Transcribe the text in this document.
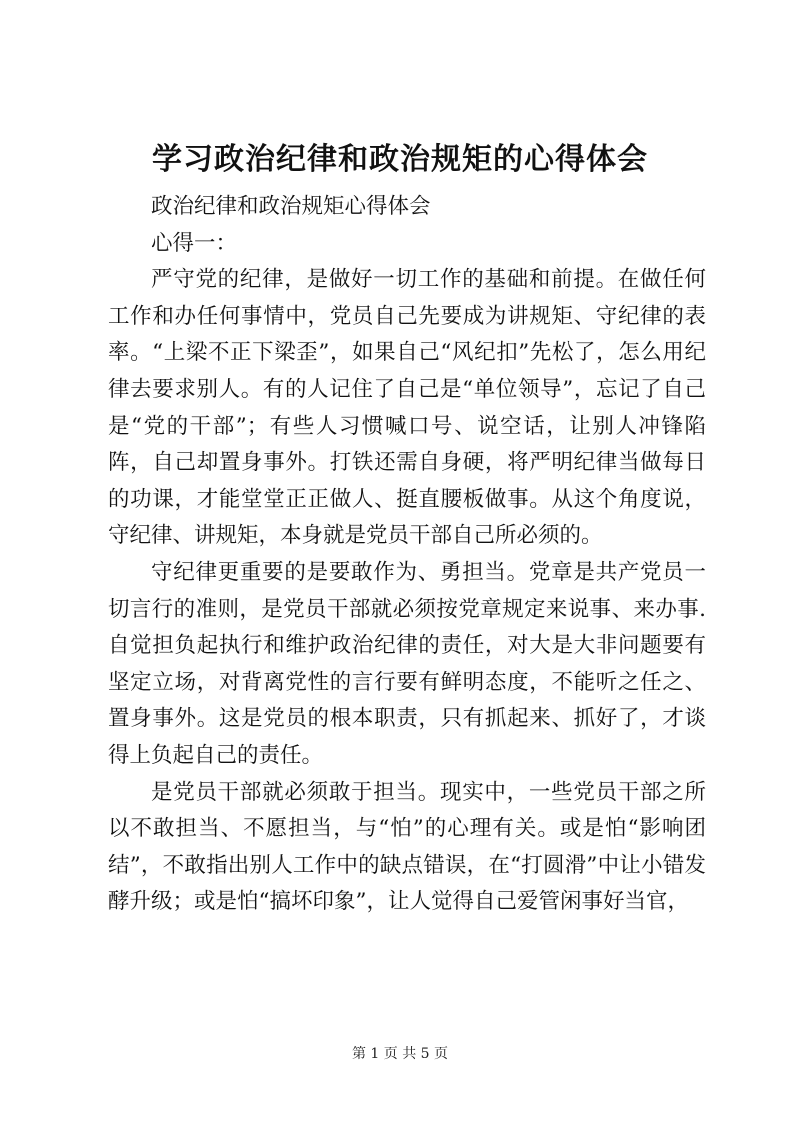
学习政治纪律和政治规矩的心得体会

政治纪律和政治规矩心得体会

心得一：

严守党的纪律，是做好一切工作的基础和前提。在做任何工作和办任何事情中，党员自己先要成为讲规矩、守纪律的表率。“上梁不正下梁歪”，如果自己“风纪扣”先松了，怎么用纪律去要求别人。有的人记住了自己是“单位领导”，忘记了自己是“党的干部”；有些人习惯喊口号、说空话，让别人冲锋陷阵，自己却置身事外。打铁还需自身硬，将严明纪律当做每日的功课，才能堂堂正正做人、挺直腰板做事。从这个角度说，守纪律、讲规矩，本身就是党员干部自己所必须的。

守纪律更重要的是要敢作为、勇担当。党章是共产党员一切言行的准则，是党员干部就必须按党章规定来说事、来办事.自觉担负起执行和维护政治纪律的责任，对大是大非问题要有坚定立场，对背离党性的言行要有鲜明态度，不能听之任之、置身事外。这是党员的根本职责，只有抓起来、抓好了，才谈得上负起自己的责任。

是党员干部就必须敢于担当。现实中，一些党员干部之所以不敢担当、不愿担当，与“怕”的心理有关。或是怕“影响团结”，不敢指出别人工作中的缺点错误，在“打圆滑”中让小错发酵升级；或是怕“搞坏印象”，让人觉得自己爱管闲事好当官，

第 1 页 共 5 页
